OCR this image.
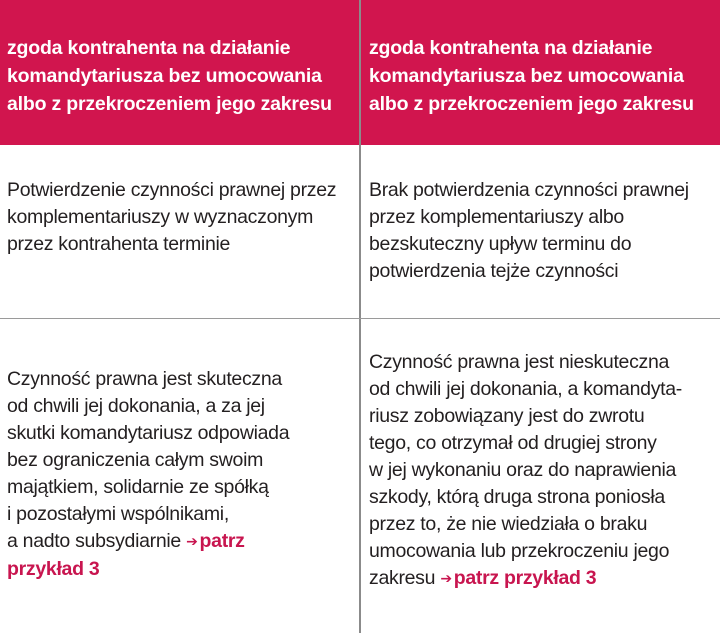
zgoda kontrahenta na działanie komandytariusza bez umocowania albo z przekroczeniem jego zakresu
zgoda kontrahenta na działanie komandytariusza bez umocowania albo z przekroczeniem jego zakresu
Potwierdzenie czynności prawnej przez komplementariuszy w wyznaczonym przez kontrahenta terminie
Brak potwierdzenia czynności prawnej przez komplementariuszy albo bezskuteczny upływ terminu do potwierdzenia tejże czynności
Czynność prawna jest skuteczna
od chwili jej dokonania, a za jej
skutki komandytariusz odpowiada
bez ograniczenia całym swoim
majątkiem, solidarnie ze spółką
i pozostałymi wspólnikami,
a nadto subsydiarnie ➔ patrz
przykład 3
Czynność prawna jest nieskuteczna
od chwili jej dokonania, a komandyta-
riusz zobowiązany jest do zwrotu
tego, co otrzymał od drugiej strony
w jej wykonaniu oraz do naprawienia
szkody, którą druga strona poniosła
przez to, że nie wiedziała o braku
umocowania lub przekroczeniu jego
zakresu ➔ patrz przykład 3
